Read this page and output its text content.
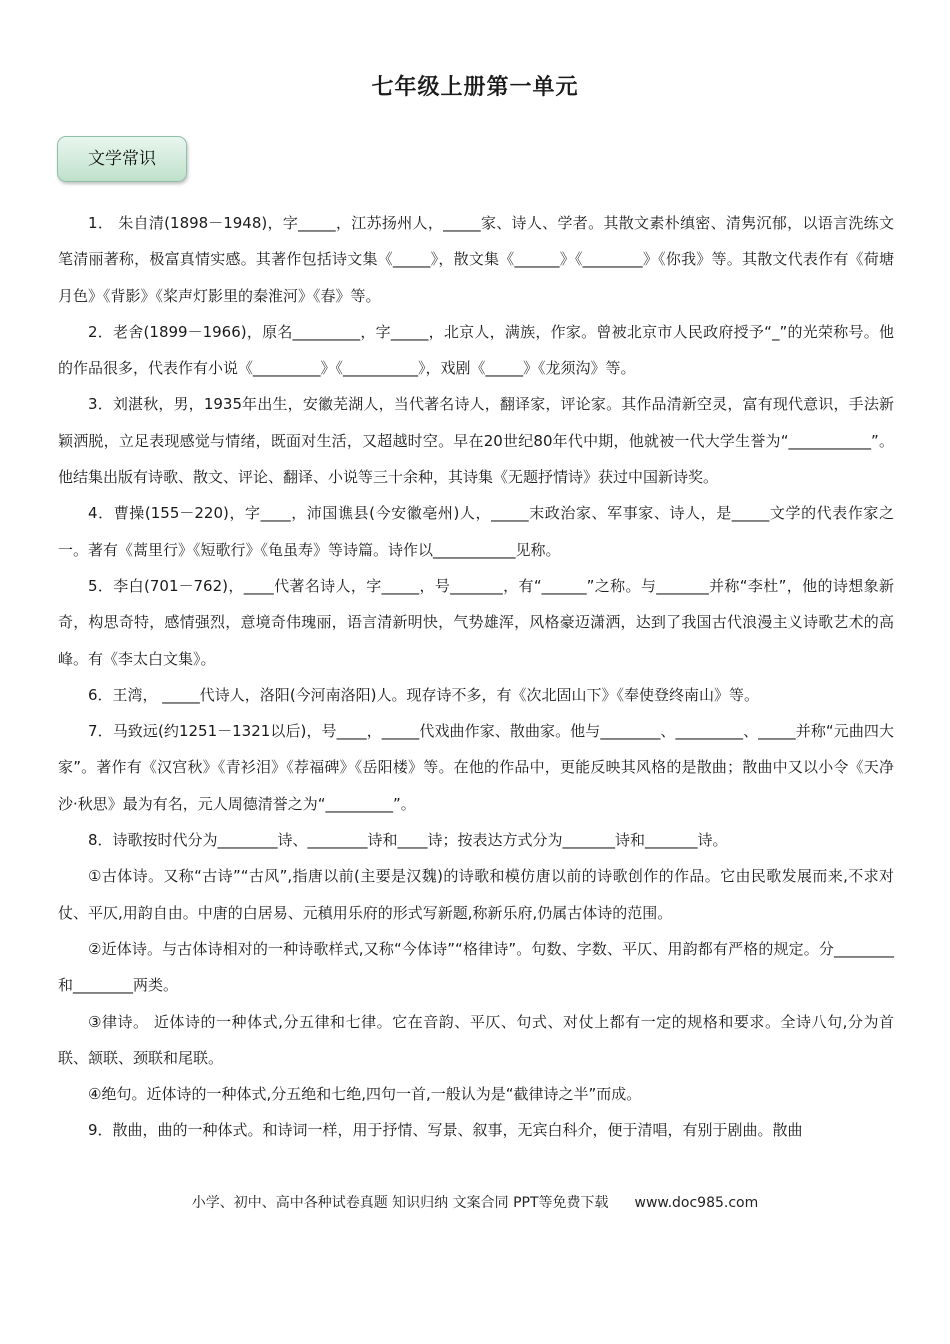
七年级上册第一单元
文学常识

1． 朱自清(1898－1948)，字_____，江苏扬州人，_____家、诗人、学者。其散文素朴缜密、清隽沉郁，以语言洗练文笔清丽著称，极富真情实感。其著作包括诗文集《_____》，散文集《______》《________》《你我》等。其散文代表作有《荷塘月色》《背影》《桨声灯影里的秦淮河》《春》等。

2．老舍(1899－1966)，原名_________，字_____，北京人，满族，作家。曾被北京市人民政府授予“_”的光荣称号。他的作品很多，代表作有小说《_________》《__________》，戏剧《_____》《龙须沟》等。

3．刘湛秋，男，1935年出生，安徽芜湖人，当代著名诗人，翻译家，评论家。其作品清新空灵，富有现代意识，手法新颖洒脱，立足表现感觉与情绪，既面对生活，又超越时空。早在20世纪80年代中期，他就被一代大学生誉为“___________”。他结集出版有诗歌、散文、评论、翻译、小说等三十余种，其诗集《无题抒情诗》获过中国新诗奖。

4．曹操(155－220)，字____，沛国谯县(今安徽亳州)人，_____末政治家、军事家、诗人，是_____文学的代表作家之一。著有《蒿里行》《短歌行》《龟虽寿》等诗篇。诗作以___________见称。

5．李白(701－762)，____代著名诗人，字_____，号_______，有“______”之称。与_______并称“李杜”，他的诗想象新奇，构思奇特，感情强烈，意境奇伟瑰丽，语言清新明快，气势雄浑，风格豪迈潇洒，达到了我国古代浪漫主义诗歌艺术的高峰。有《李太白文集》。

6．王湾， _____代诗人，洛阳(今河南洛阳)人。现存诗不多，有《次北固山下》《奉使登终南山》等。

7．马致远(约1251－1321以后)，号____，_____代戏曲作家、散曲家。他与________、_________、_____并称“元曲四大家”。著作有《汉宫秋》《青衫泪》《荐福碑》《岳阳楼》等。在他的作品中，更能反映其风格的是散曲；散曲中又以小令《天净沙·秋思》最为有名，元人周德清誉之为“_________”。

8．诗歌按时代分为________诗、________诗和____诗；按表达方式分为_______诗和_______诗。

①古体诗。又称“古诗”“古风”,指唐以前(主要是汉魏)的诗歌和模仿唐以前的诗歌创作的作品。它由民歌发展而来,不求对仗、平仄,用韵自由。中唐的白居易、元稹用乐府的形式写新题,称新乐府,仍属古体诗的范围。

②近体诗。与古体诗相对的一种诗歌样式,又称“今体诗”“格律诗”。句数、字数、平仄、用韵都有严格的规定。分________和________两类。

③律诗。 近体诗的一种体式,分五律和七律。它在音韵、平仄、句式、对仗上都有一定的规格和要求。全诗八句,分为首联、颔联、颈联和尾联。

④绝句。近体诗的一种体式,分五绝和七绝,四句一首,一般认为是“截律诗之半”而成。

9．散曲，曲的一种体式。和诗词一样，用于抒情、写景、叙事，无宾白科介，便于清唱，有别于剧曲。散曲

小学、初中、高中各种试卷真题 知识归纳 文案合同 PPT等免费下载 www.doc985.com
